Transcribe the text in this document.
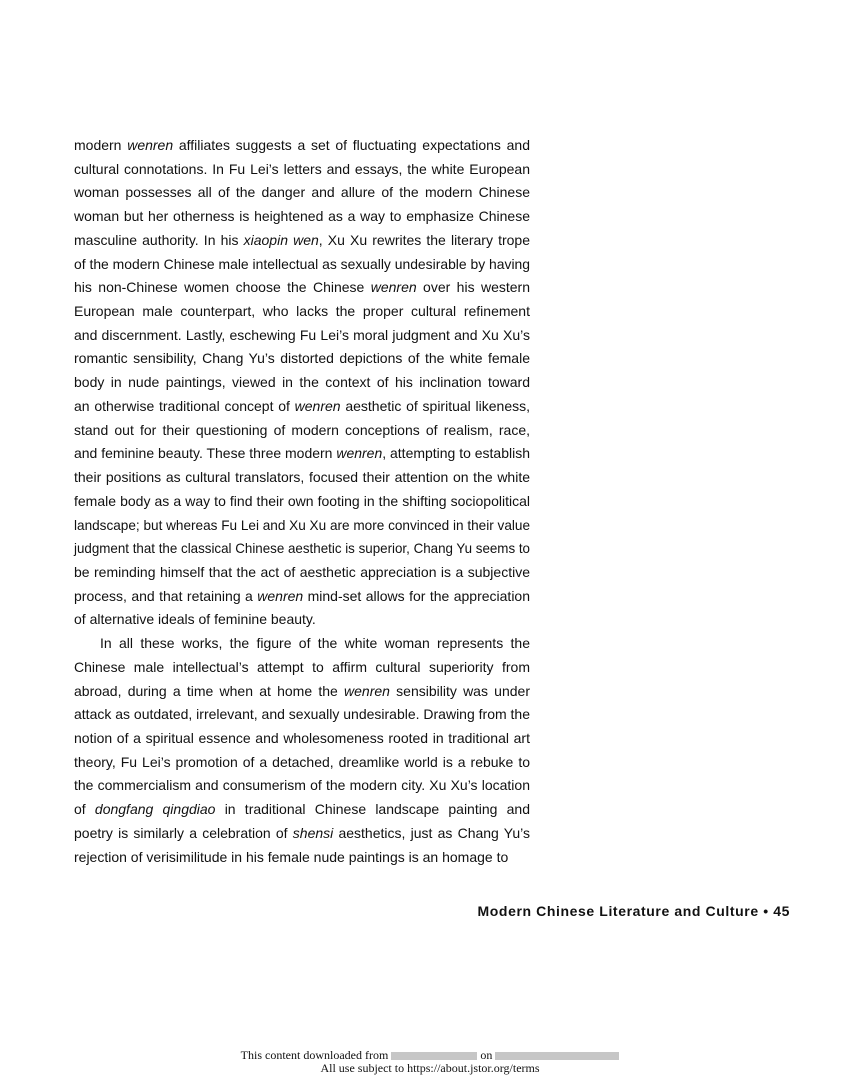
modern wenren affiliates suggests a set of fluctuating expectations and
cultural connotations. In Fu Lei’s letters and essays, the white European
woman possesses all of the danger and allure of the modern Chinese
woman but her otherness is heightened as a way to emphasize Chinese
masculine authority. In his xiaopin wen, Xu Xu rewrites the literary trope
of the modern Chinese male intellectual as sexually undesirable by having
his non-Chinese women choose the Chinese wenren over his western
European male counterpart, who lacks the proper cultural refinement
and discernment. Lastly, eschewing Fu Lei’s moral judgment and Xu Xu’s
romantic sensibility, Chang Yu’s distorted depictions of the white female
body in nude paintings, viewed in the context of his inclination toward
an otherwise traditional concept of wenren aesthetic of spiritual likeness,
stand out for their questioning of modern conceptions of realism, race,
and feminine beauty. These three modern wenren, attempting to establish
their positions as cultural translators, focused their attention on the white
female body as a way to find their own footing in the shifting sociopolitical
landscape; but whereas Fu Lei and Xu Xu are more convinced in their value
judgment that the classical Chinese aesthetic is superior, Chang Yu seems to
be reminding himself that the act of aesthetic appreciation is a subjective
process, and that retaining a wenren mind-set allows for the appreciation
of alternative ideals of feminine beauty.
In all these works, the figure of the white woman represents the
Chinese male intellectual’s attempt to affirm cultural superiority from
abroad, during a time when at home the wenren sensibility was under
attack as outdated, irrelevant, and sexually undesirable. Drawing from the
notion of a spiritual essence and wholesomeness rooted in traditional art
theory, Fu Lei’s promotion of a detached, dreamlike world is a rebuke to
the commercialism and consumerism of the modern city. Xu Xu’s location
of dongfang qingdiao in traditional Chinese landscape painting and
poetry is similarly a celebration of shensi aesthetics, just as Chang Yu’s
rejection of verisimilitude in his female nude paintings is an homage to
Modern Chinese Literature and Culture • 45
This content downloaded from	on
All use subject to https://about.jstor.org/terms
